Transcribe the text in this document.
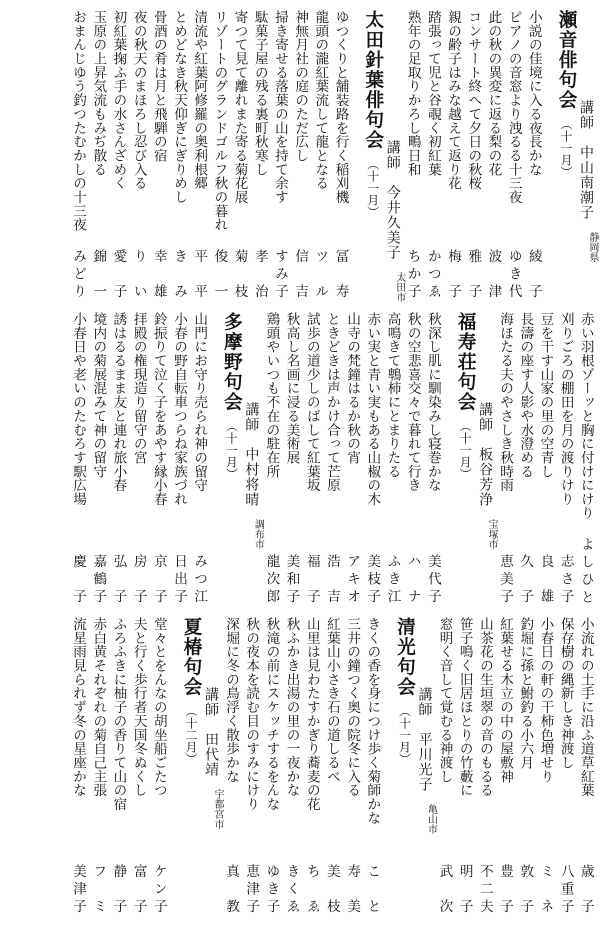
瀬音俳句会
（十一月） 講師　中山南潮子
静岡県
小説の佳境に入る夜長かな
綾　子
ピアノの音窓より洩るる十三夜
ゆき代
此の秋の異変に返る梨の花
波　津
コンサート終へて夕日の秋桜
雅　子
親の齢子はみな越えて返り花
梅　子
踏張って児と谷覗く初紅葉
かつゑ
熟年の足取りかろし鴫日和
ちか子
太田針葉俳句会
（十一月） 講師　今井久美子
太田市
ゆつくりと舗装路を行く稲刈機
冨　寿
龍頭の瀧紅葉流して龍となる
ツ　ル
神無月社の庭のただ広し
信　吉
掃き寄せる落葉の山を持て余す
すみ子
駄菓子屋の残る裏町秋寒し
孝　治
寄つて見て離れまた寄る菊花展
菊　枝
リゾートのグランドゴルフ秋の暮れ
俊　一
清流や紅葉阿修羅の奥利根郷
平　平
とめどなき秋天仰ぎにぎりめし
き　み
骨酒の肴は月と飛騨の宿
幸　雄
夜の秋天のまほろし忍び入る
り　い
初紅葉掬ふ手の水さんざめく
愛　子
玉原の上昇気流もみぢ散る
錦　一
おまんじゆう釣つたむかしの十三夜
みどり
赤い羽根ゾーッと胸に付けにけり
よしひと
刈りごろの棚田を月の渡りけり
志さ子
豆を干す山家の里の空青し
良　雄
長濤の座す人影や水澄める
久　子
海ほたる夫のやさしき秋時雨
恵美子
福寿荘句会
（十一月） 講師　板谷芳浄
宝塚市
秋深し肌に馴染みし寝巻かな
美代子
秋の空悲喜交々で暮れて行き
ハ　ナ
高鳴きて鵯柿にとまりたる
ふき江
赤い実と青い実もある山椒の木
美枝子
山寺の梵鐘はるか秋の宵
アキオ
ときどきは声かけ合って芒原
浩　吉
試歩の道少しのばして紅葉坂
福　子
秋高し名画に浸る美術展
美和子
鶏頭やいつも不在の駐在所
龍次郎
多摩野句会
（十一月） 講師　中村将晴
調布市
山門にお守り売られ神の留守
みつ江
小春の野自転車つらね家族づれ
日出子
鈴振りて泣く子をあやす縁小春
京　子
拝殿の権現造り留守の宮
房　子
誘はるるまま友と連れ旅小春
弘　子
境内の菊展混みて神の留守
嘉鶴子
小春日や老いのたむろす駅広場
慶　子
小流れの土手に沿ふ道草紅葉
歳　子
保存樹の縄新しき神渡し
八重子
小春日の軒の干柿色増せり
ミ　ネ
釣堀に孫と鮒釣る小六月
敦　子
紅葉せる木立の中の屋敷神
豊　子
山茶花の生垣翠の音のもるる
不二夫
笹子鳴く旧居ほとりの竹藪に
明　子
窓明く音して覚むる神渡し
武　次
清光句会
（十一月） 講師　平川光子
亀山市
きくの香を身につけ歩く菊師かな
こ　と
三井の鐘つく奥の院冬に入る
寿　美
紅葉山小さき石の道しるべ
美　枝
山里は見わたすかぎり蕎麦の花
ち　ゑ
秋ふかき出湯の里の一夜かな
きくゑ
秋滝の前にスケッチするをんな
ゆき子
秋の夜本を読む目のすみにけり
恵津子
深堀に冬の鳥浮く散歩かな
真　教
夏椿句会
（十二月） 講師　田代靖
宇都宮市
堂々とをんなの胡坐船ごたつ
ケン子
夫と行く歩行者天国冬ぬくし
富　子
ふろふきに柚子の香りて山の宿
静　子
赤白黄それぞれの菊自己主張
フ　ミ
流星雨見られず冬の星座かな
美津子
